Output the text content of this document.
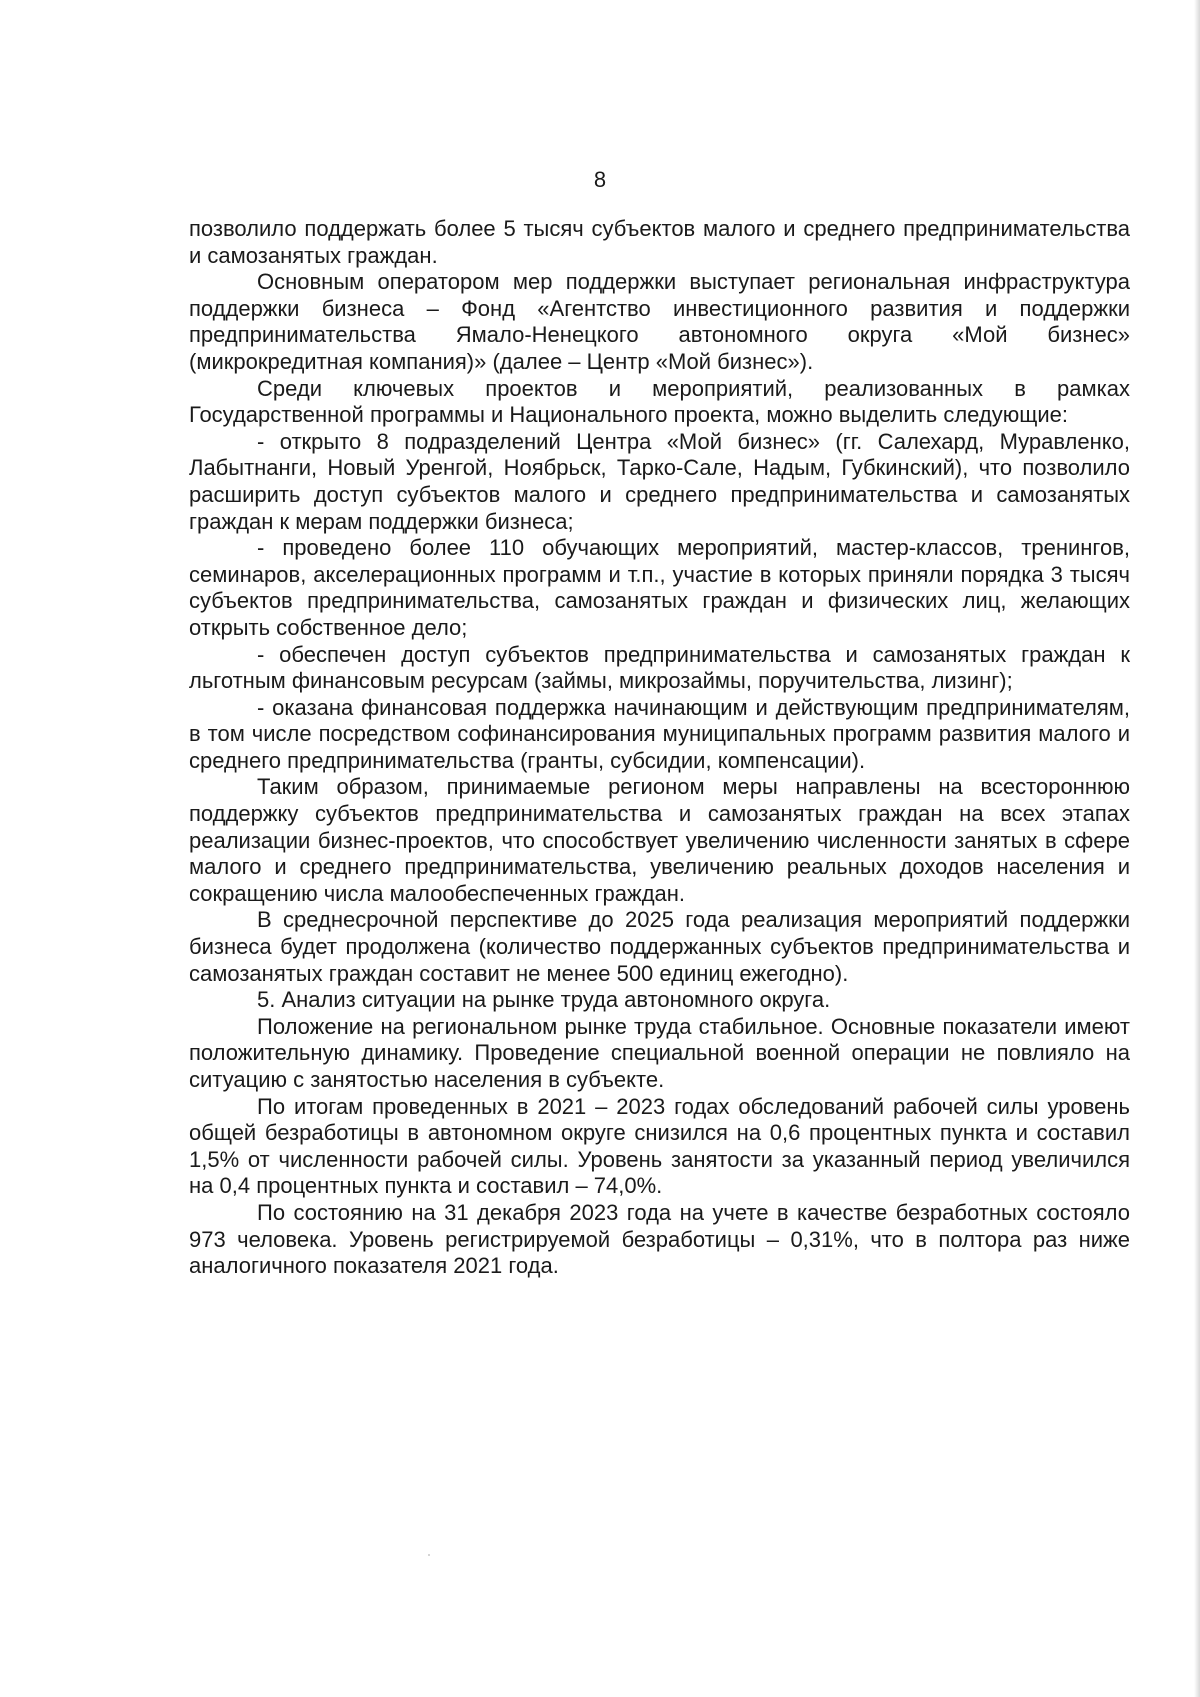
8

позволило поддержать более 5 тысяч субъектов малого и среднего предпринимательства и самозанятых граждан.

Основным оператором мер поддержки выступает региональная инфраструктура поддержки бизнеса – Фонд «Агентство инвестиционного развития и поддержки предпринимательства Ямало-Ненецкого автономного округа «Мой бизнес» (микрокредитная компания)» (далее – Центр «Мой бизнес»).

Среди ключевых проектов и мероприятий, реализованных в рамках Государственной программы и Национального проекта, можно выделить следующие:

- открыто 8 подразделений Центра «Мой бизнес» (гг. Салехард, Муравленко, Лабытнанги, Новый Уренгой, Ноябрьск, Тарко-Сале, Надым, Губкинский), что позволило расширить доступ субъектов малого и среднего предпринимательства и самозанятых граждан к мерам поддержки бизнеса;

- проведено более 110 обучающих мероприятий, мастер-классов, тренингов, семинаров, акселерационных программ и т.п., участие в которых приняли порядка 3 тысяч субъектов предпринимательства, самозанятых граждан и физических лиц, желающих открыть собственное дело;

- обеспечен доступ субъектов предпринимательства и самозанятых граждан к льготным финансовым ресурсам (займы, микрозаймы, поручительства, лизинг);

- оказана финансовая поддержка начинающим и действующим предпринимателям, в том числе посредством софинансирования муниципальных программ развития малого и среднего предпринимательства (гранты, субсидии, компенсации).

Таким образом, принимаемые регионом меры направлены на всестороннюю поддержку субъектов предпринимательства и самозанятых граждан на всех этапах реализации бизнес-проектов, что способствует увеличению численности занятых в сфере малого и среднего предпринимательства, увеличению реальных доходов населения и сокращению числа малообеспеченных граждан.

В среднесрочной перспективе до 2025 года реализация мероприятий поддержки бизнеса будет продолжена (количество поддержанных субъектов предпринимательства и самозанятых граждан составит не менее 500 единиц ежегодно).

5. Анализ ситуации на рынке труда автономного округа.

Положение на региональном рынке труда стабильное. Основные показатели имеют положительную динамику. Проведение специальной военной операции не повлияло на ситуацию с занятостью населения в субъекте.

По итогам проведенных в 2021 – 2023 годах обследований рабочей силы уровень общей безработицы в автономном округе снизился на 0,6 процентных пункта и составил 1,5% от численности рабочей силы. Уровень занятости за указанный период увеличился на 0,4 процентных пункта и составил – 74,0%.

По состоянию на 31 декабря 2023 года на учете в качестве безработных состояло 973 человека. Уровень регистрируемой безработицы – 0,31%, что в полтора раз ниже аналогичного показателя 2021 года.
